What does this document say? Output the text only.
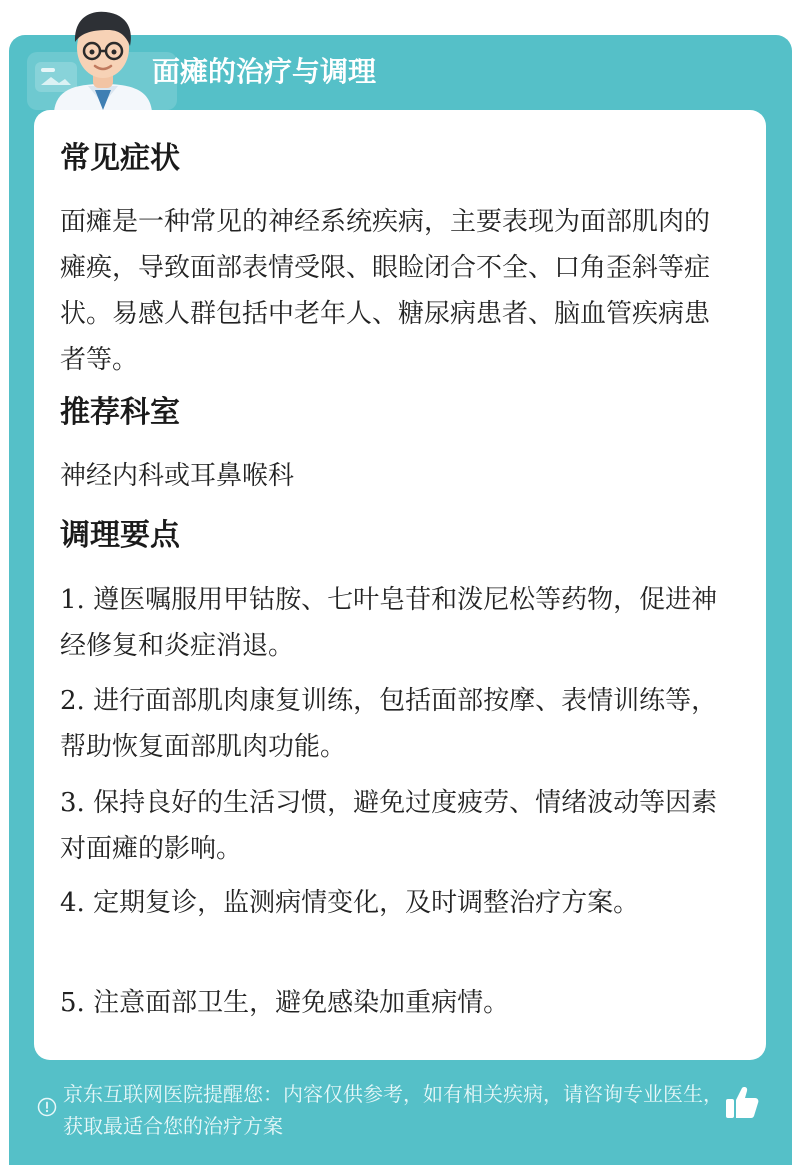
面瘫的治疗与调理
常见症状
面瘫是一种常见的神经系统疾病，主要表现为面部肌肉的瘫痪，导致面部表情受限、眼睑闭合不全、口角歪斜等症状。易感人群包括中老年人、糖尿病患者、脑血管疾病患者等。
推荐科室
神经内科或耳鼻喉科
调理要点
1. 遵医嘱服用甲钴胺、七叶皂苷和泼尼松等药物，促进神经修复和炎症消退。
2. 进行面部肌肉康复训练，包括面部按摩、表情训练等，帮助恢复面部肌肉功能。
3. 保持良好的生活习惯，避免过度疲劳、情绪波动等因素对面瘫的影响。
4. 定期复诊，监测病情变化，及时调整治疗方案。
5. 注意面部卫生，避免感染加重病情。
京东互联网医院提醒您：内容仅供参考，如有相关疾病，请咨询专业医生，获取最适合您的治疗方案
